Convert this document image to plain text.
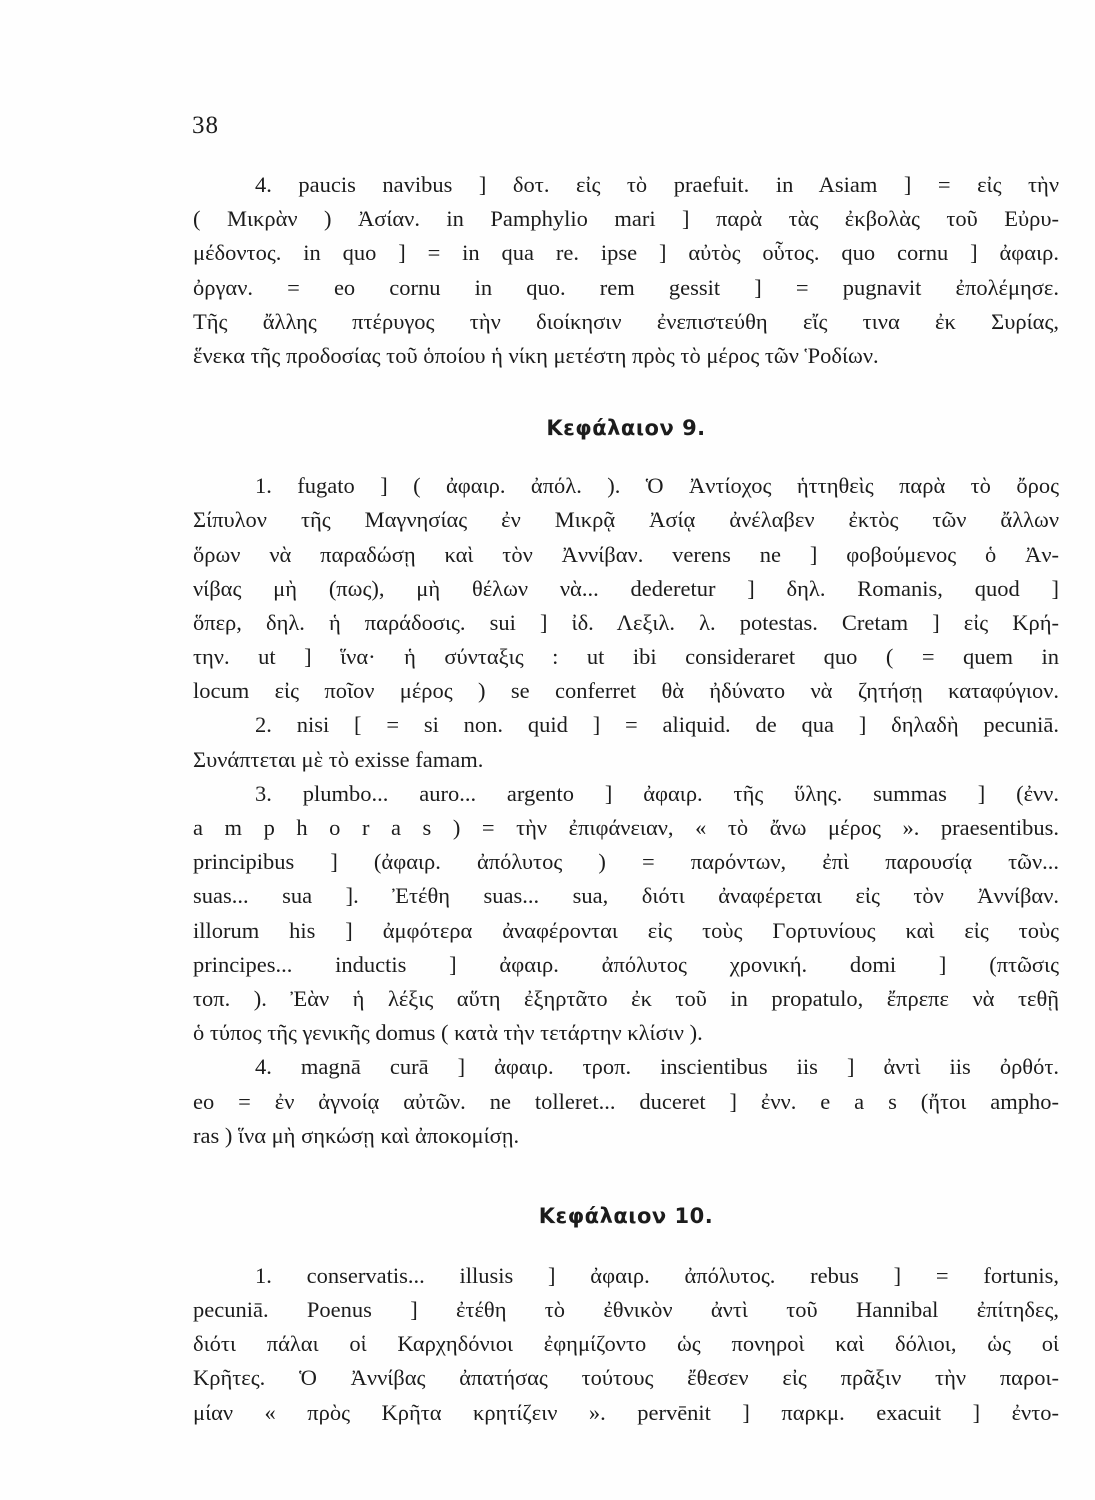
38
4. paucis navibus ] δοτ. εἰς τὸ praefuit. in Asiam ] = εἰς τὴν
( Μικρὰν ) Ἀσίαν. in Pamphylio mari ] παρὰ τὰς ἐκβολὰς τοῦ Εὐρυ-
μέδοντος. in quo ] = in qua re. ipse ] αὐτὸς οὗτος. quo cornu ] ἀφαιρ.
ὀργαν. = eo cornu in quo. rem gessit ] = pugnavit ἐπολέμησε.
Τῆς ἄλλης πτέρυγος τὴν διοίκησιν ἐνεπιστεύθη εἴς τινα ἐκ Συρίας,
ἕνεκα τῆς προδοσίας τοῦ ὁποίου ἡ νίκη μετέστη πρὸς τὸ μέρος τῶν Ῥοδίων.
Κεφάλαιον 9.
1. fugato ] ( ἀφαιρ. ἀπόλ. ). Ὁ Ἀντίοχος ἡττηθεὶς παρὰ τὸ ὄρος
Σίπυλον τῆς Μαγνησίας ἐν Μικρᾷ Ἀσίᾳ ἀνέλαβεν ἐκτὸς τῶν ἄλλων
ὅρων νὰ παραδώσῃ καὶ τὸν Ἀννίβαν. verens ne ] φοβούμενος ὁ Ἀν-
νίβας μὴ (πως), μὴ θέλων νὰ... dederetur ] δηλ. Romanis, quod ]
ὅπερ, δηλ. ἡ παράδοσις. sui ] ἰδ. Λεξιλ. λ. potestas. Cretam ] εἰς Κρή-
την. ut ] ἵνα· ἡ σύνταξις : ut ibi consideraret quo ( = quem in
locum εἰς ποῖον μέρος ) se conferret θὰ ἠδύνατο νὰ ζητήσῃ καταφύγιον.
2. nisi [ = si non. quid ] = aliquid. de qua ] δηλαδὴ pecuniā.
Συνάπτεται μὲ τὸ exisse famam.
3. plumbo... auro... argento ] ἀφαιρ. τῆς ὕλης. summas ] (ἐνν.
a m p h o r a s ) = τὴν ἐπιφάνειαν, « τὸ ἄνω μέρος ». praesentibus.
principibus ] (ἀφαιρ. ἀπόλυτος ) = παρόντων, ἐπὶ παρουσίᾳ τῶν...
suas... sua ]. Ἐτέθη suas... sua, διότι ἀναφέρεται εἰς τὸν Ἀννίβαν.
illorum his ] ἀμφότερα ἀναφέρονται εἰς τοὺς Γορτυνίους καὶ εἰς τοὺς
principes... inductis ] ἀφαιρ. ἀπόλυτος χρονική. domi ] (πτῶσις
τοπ. ). Ἐὰν ἡ λέξις αὕτη ἐξηρτᾶτο ἐκ τοῦ in propatulo, ἔπρεπε νὰ τεθῇ
ὁ τύπος τῆς γενικῆς domus ( κατὰ τὴν τετάρτην κλίσιν ).
4. magnā curā ] ἀφαιρ. τροπ. inscientibus iis ] ἀντὶ iis ὀρθότ.
eo = ἐν ἀγνοίᾳ αὐτῶν. ne tolleret... duceret ] ἐνν. e a s (ἤτοι ampho-
ras ) ἵνα μὴ σηκώσῃ καὶ ἀποκομίσῃ.
Κεφάλαιον 10.
1. conservatis... illusis ] ἀφαιρ. ἀπόλυτος. rebus ] = fortunis,
pecuniā. Poenus ] ἐτέθη τὸ ἐθνικὸν ἀντὶ τοῦ Hannibal ἐπίτηδες,
διότι πάλαι οἱ Καρχηδόνιοι ἐφημίζοντο ὡς πονηροὶ καὶ δόλιοι, ὡς οἱ
Κρῆτες. Ὁ Ἀννίβας ἀπατήσας τούτους ἔθεσεν εἰς πρᾶξιν τὴν παροι-
μίαν « πρὸς Κρῆτα κρητίζειν ». pervēnit ] παρκμ. exacuit ] ἐντο-
